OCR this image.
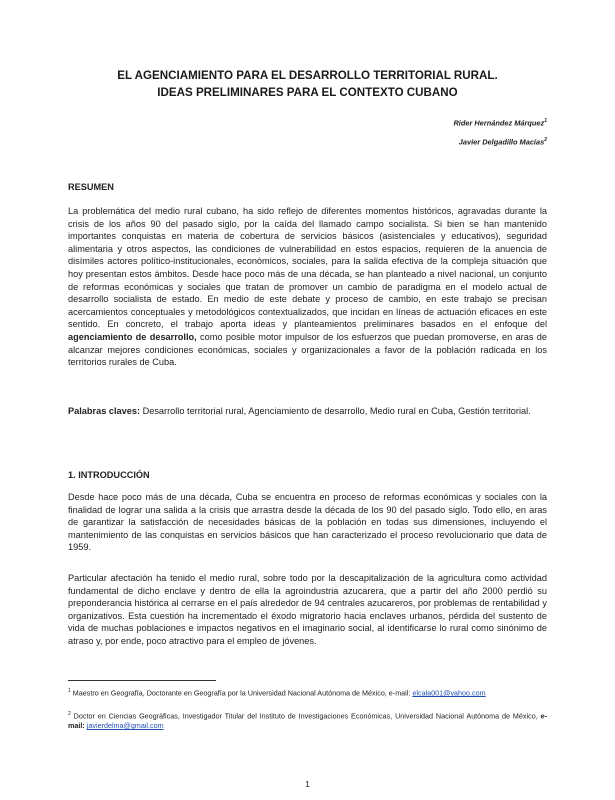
EL AGENCIAMIENTO PARA EL DESARROLLO TERRITORIAL RURAL.
IDEAS PRELIMINARES PARA EL CONTEXTO CUBANO
Rider Hernández Márquez$^1$
Javier Delgadillo Macías$^2$
RESUMEN
La problemática del medio rural cubano, ha sido reflejo de diferentes momentos históricos, agravadas durante la crisis de los años 90 del pasado siglo, por la caída del llamado campo socialista. Si bien se han mantenido importantes conquistas en materia de cobertura de servicios básicos (asistenciales y educativos), seguridad alimentaria y otros aspectos, las condiciones de vulnerabilidad en estos espacios, requieren de la anuencia de disímiles actores político-institucionales, económicos, sociales, para la salida efectiva de la compleja situación que hoy presentan estos ámbitos. Desde hace poco más de una década, se han planteado a nivel nacional, un conjunto de reformas económicas y sociales que tratan de promover un cambio de paradigma en el modelo actual de desarrollo socialista de estado. En medio de este debate y proceso de cambio, en este trabajo se precisan acercamientos conceptuales y metodológicos contextualizados, que incidan en líneas de actuación eficaces en este sentido. En concreto, el trabajo aporta ideas y planteamientos preliminares basados en el enfoque del agenciamiento de desarrollo, como posible motor impulsor de los esfuerzos que puedan promoverse, en aras de alcanzar mejores condiciones económicas, sociales y organizacionales a favor de la población radicada en los territorios rurales de Cuba.
Palabras claves: Desarrollo territorial rural, Agenciamiento de desarrollo, Medio rural en Cuba, Gestión territorial.
1. INTRODUCCIÓN
Desde hace poco más de una década, Cuba se encuentra en proceso de reformas económicas y sociales con la finalidad de lograr una salida a la crisis que arrastra desde la década de los 90 del pasado siglo. Todo ello, en aras de garantizar la satisfacción de necesidades básicas de la población en todas sus dimensiones, incluyendo el mantenimiento de las conquistas en servicios básicos que han caracterizado el proceso revolucionario que data de 1959.
Particular afectación ha tenido el medio rural, sobre todo por la descapitalización de la agricultura como actividad fundamental de dicho enclave y dentro de ella la agroindustria azucarera, que a partir del año 2000 perdió su preponderancia histórica al cerrarse en el país alrededor de 94 centrales azucareros, por problemas de rentabilidad y organizativos. Esta cuestión ha incrementado el éxodo migratorio hacia enclaves urbanos, pérdida del sustento de vida de muchas poblaciones e impactos negativos en el imaginario social, al identificarse lo rural como sinónimo de atraso y, por ende, poco atractivo para el empleo de jóvenes.
$^1$ Maestro en Geografía, Doctorante en Geografía por la Universidad Nacional Autónoma de México, e-mail: elcala001@yahoo.com
$^2$ Doctor en Ciencias Geográficas, Investigador Titular del Instituto de Investigaciones Económicas, Universidad Nacional Autónoma de México, e-mail: javierdelma@gmail.com
1
